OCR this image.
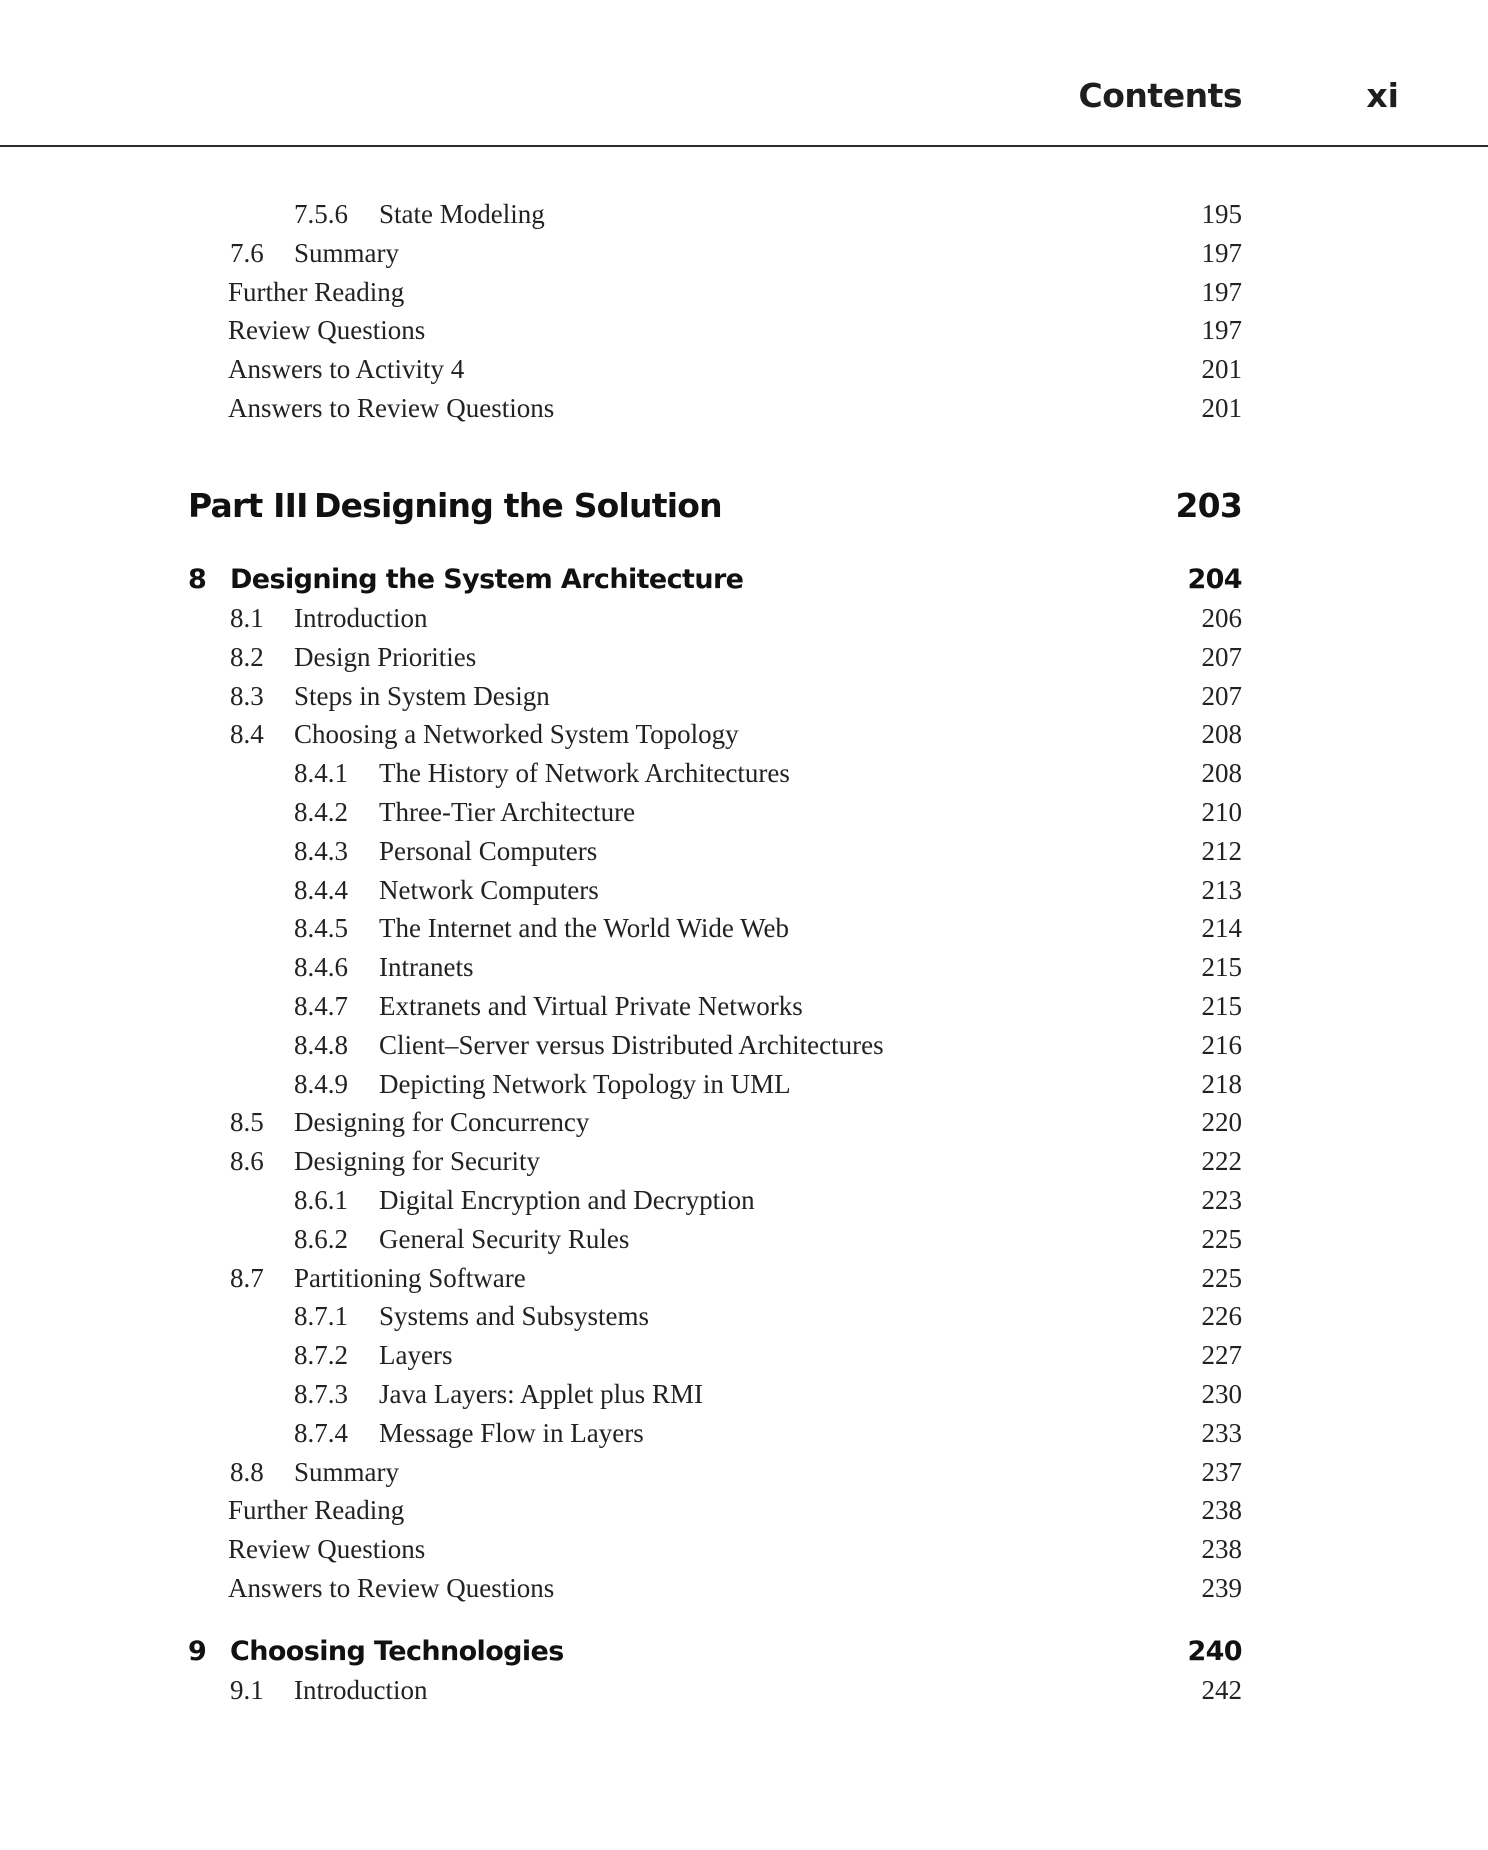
Contents	xi
7.5.6 State Modeling	195
7.6 Summary	197
Further Reading	197
Review Questions	197
Answers to Activity 4	201
Answers to Review Questions	201
Part III Designing the Solution	203
8 Designing the System Architecture	204
8.1 Introduction	206
8.2 Design Priorities	207
8.3 Steps in System Design	207
8.4 Choosing a Networked System Topology	208
8.4.1 The History of Network Architectures	208
8.4.2 Three-Tier Architecture	210
8.4.3 Personal Computers	212
8.4.4 Network Computers	213
8.4.5 The Internet and the World Wide Web	214
8.4.6 Intranets	215
8.4.7 Extranets and Virtual Private Networks	215
8.4.8 Client–Server versus Distributed Architectures	216
8.4.9 Depicting Network Topology in UML	218
8.5 Designing for Concurrency	220
8.6 Designing for Security	222
8.6.1 Digital Encryption and Decryption	223
8.6.2 General Security Rules	225
8.7 Partitioning Software	225
8.7.1 Systems and Subsystems	226
8.7.2 Layers	227
8.7.3 Java Layers: Applet plus RMI	230
8.7.4 Message Flow in Layers	233
8.8 Summary	237
Further Reading	238
Review Questions	238
Answers to Review Questions	239
9 Choosing Technologies	240
9.1 Introduction	242
